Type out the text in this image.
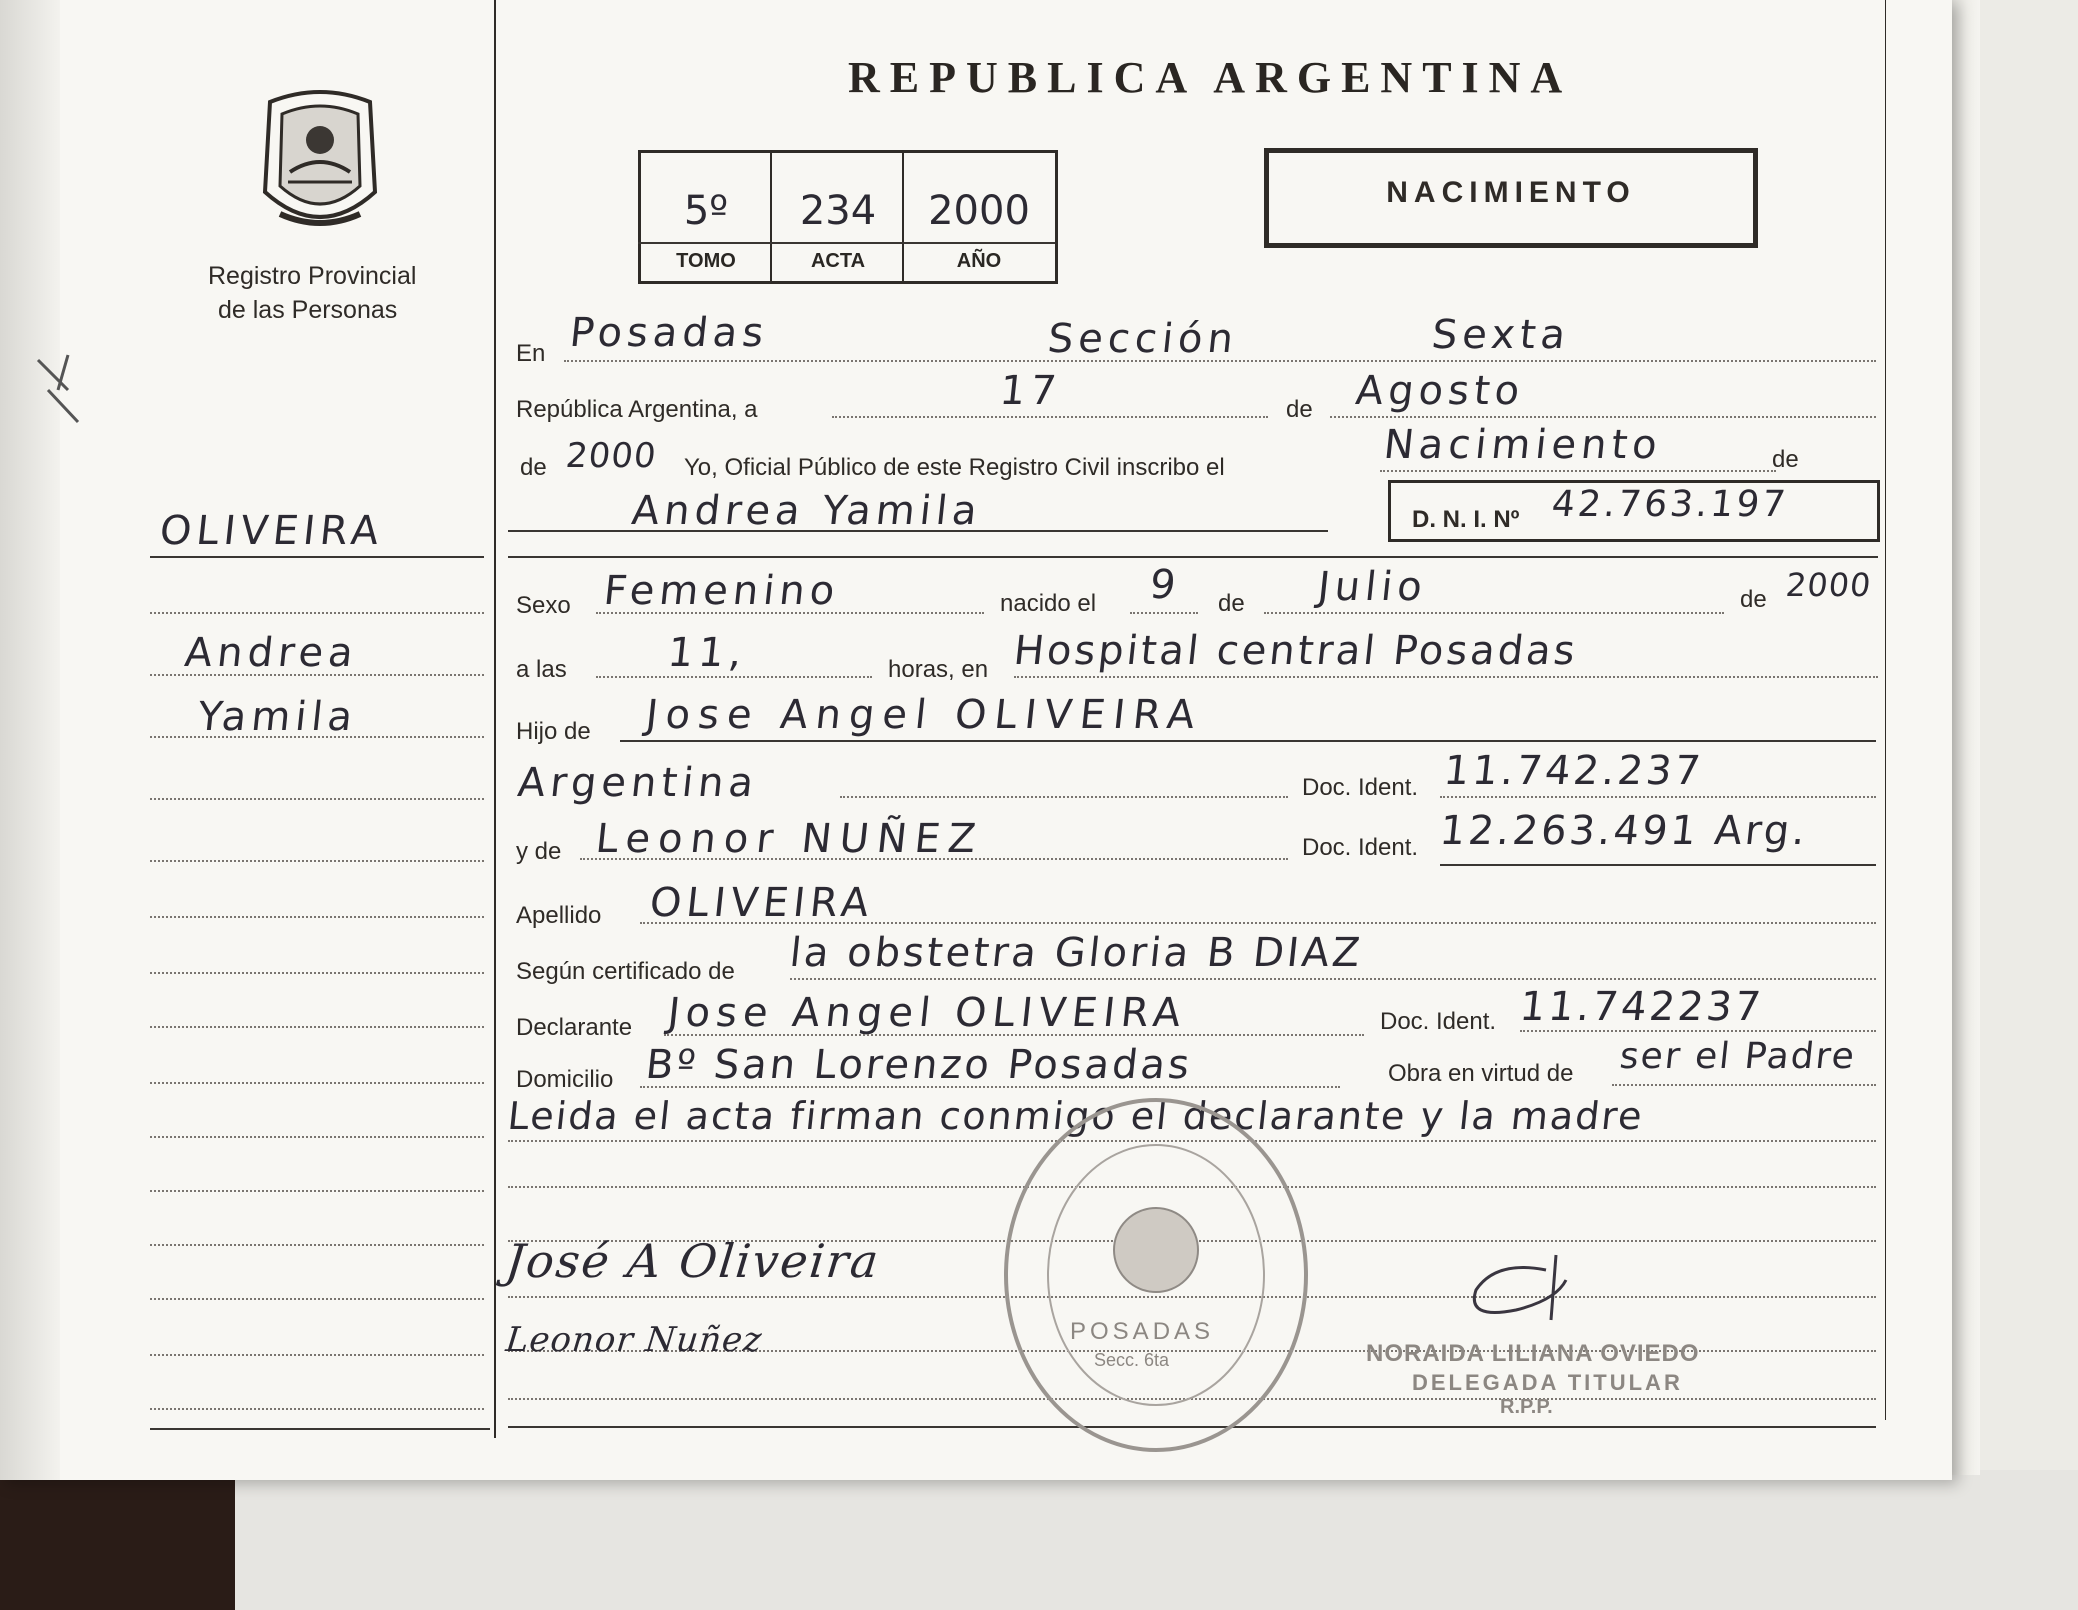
Registro Provincial
de las Personas
OLIVEIRA
Andrea
Yamila
REPUBLICA ARGENTINA
5º	234	2000
TOMO	ACTA	AÑO
NACIMIENTO
En Posadas	Sección	Sexta
República Argentina, a	17	de Agosto
de 2000 Yo, Oficial Público de este Registro Civil inscribo el	Nacimiento	de
Andrea Yamila	D. N. I. Nº 42.763.197
Sexo Femenino	nacido el 9 de Julio	de 2000
a las 11,	horas, en Hospital central Posadas
Hijo de Jose Angel OLIVEIRA
Argentina	Doc. Ident. 11.742.237
y de Leonor NUÑEZ	Doc. Ident. 12.263.491 Arg.
Apellido OLIVEIRA
Según certificado de la obstetra Gloria B DIAZ
Declarante Jose Angel OLIVEIRA	Doc. Ident. 11.742237
Domicilio Bº San Lorenzo Posadas	Obra en virtud de ser el Padre
Leida el acta firman conmigo el declarante y la madre
POSADAS
Secc. 6ta
José A Oliveira
Leonor Nuñez	NORAIDA LILIANA OVIEDO
DELEGADA TITULAR
R.P.P.
